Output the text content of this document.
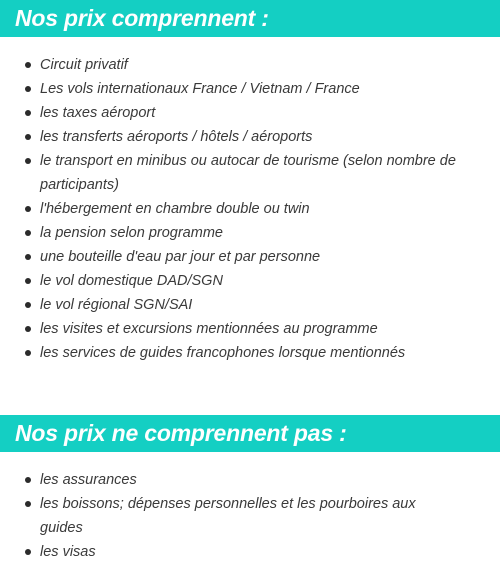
Nos prix comprennent :
Circuit privatif
Les vols internationaux France / Vietnam / France
les taxes aéroport
les transferts aéroports / hôtels / aéroports
le transport en minibus ou autocar de tourisme (selon nombre de participants)
l'hébergement en chambre double ou twin
la pension selon programme
une bouteille d'eau par jour et par personne
le vol domestique DAD/SGN
le vol régional SGN/SAI
les visites et excursions mentionnées au programme
les services de guides francophones lorsque mentionnés
Nos prix ne comprennent pas :
les assurances
les boissons; dépenses personnelles et les pourboires aux guides
les visas
